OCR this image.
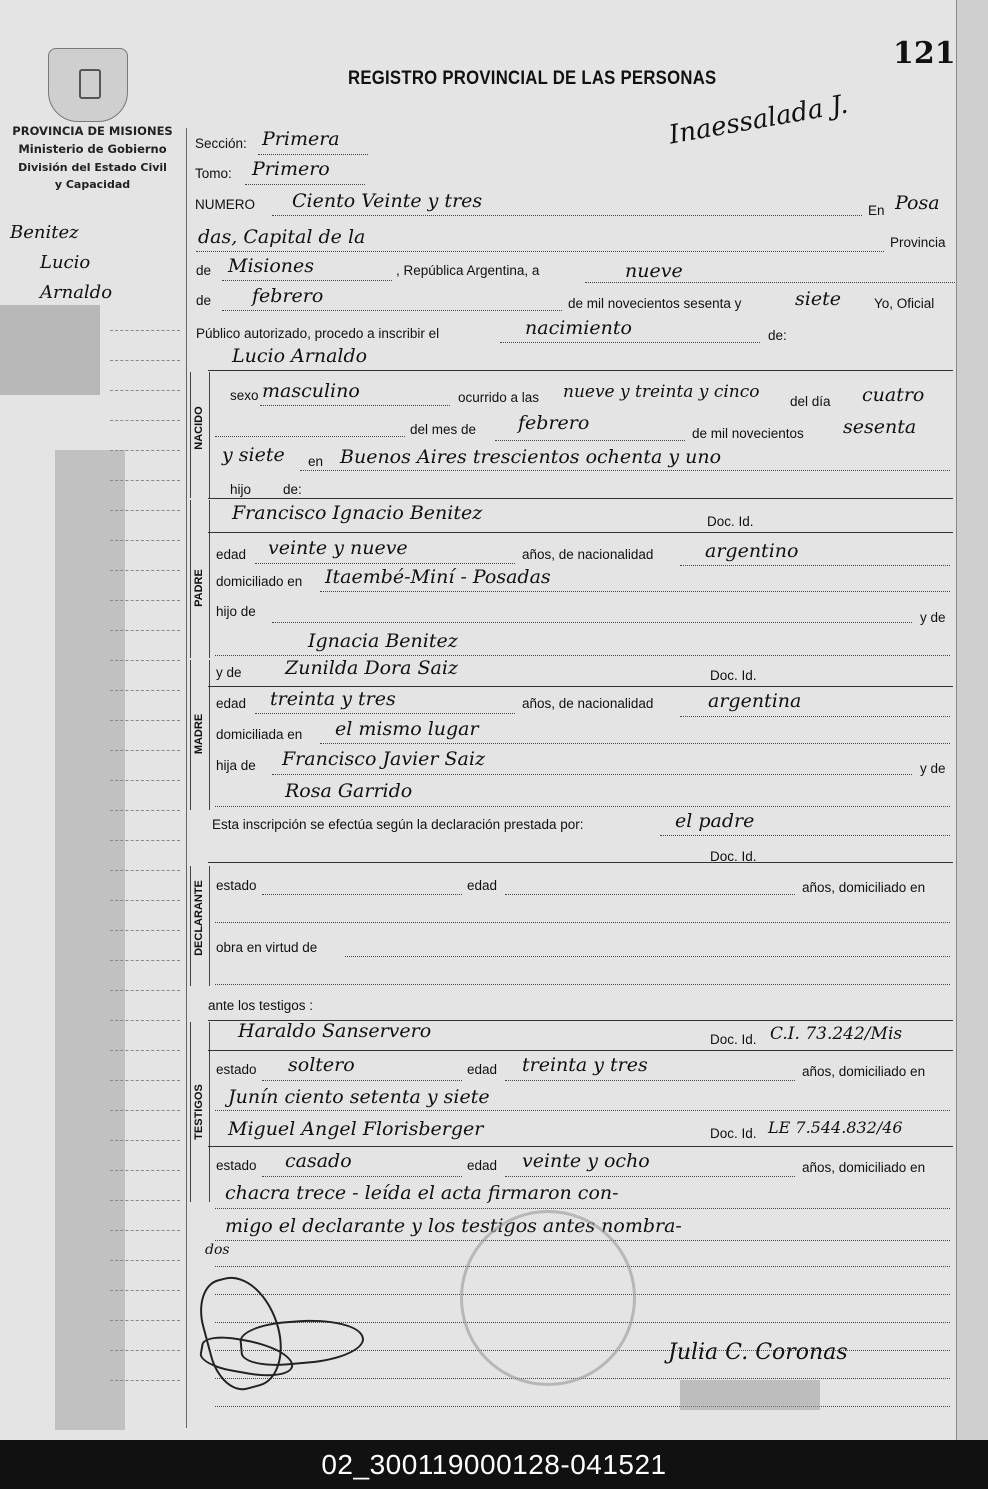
PROVINCIA DE MISIONES
Ministerio de Gobierno
División del Estado Civil
y Capacidad
Benitez
Lucio
Arnaldo
REGISTRO PROVINCIAL DE LAS PERSONAS
Inaessalada J.
Sección: Primera
Tomo: Primero
NUMERO Ciento Veinte y tres	En Posa
das, Capital de la	Provincia
de Misiones	, República Argentina, a	nueve
de febrero	de mil novecientos sesenta y	siete Yo, Oficial
Público autorizado, procedo a inscribir el	nacimiento	de:
Lucio Arnaldo
NACIDO
sexo masculino	ocurrido a las nueve y treinta y cinco del día cuatro
del mes de febrero	de mil novecientos sesenta
y siete en Buenos Aires trescientos ochenta y uno
hijo de:
PADRE
Francisco Ignacio Benitez	Doc. Id.
edad veinte y nueve	años, de nacionalidad	argentino
domiciliado en Itaembé-Miní - Posadas
hijo de	y de
Ignacia Benitez
MADRE
y de Zunilda Dora Saiz	Doc. Id.
edad treinta y tres	años, de nacionalidad	argentina
domiciliada en el mismo lugar
hija de Francisco Javier Saiz	y de
Rosa Garrido
Esta inscripción se efectúa según la declaración prestada por:	el padre
Doc. Id.
DECLARANTE estado	edad	años, domiciliado en
obra en virtud de
ante los testigos :
TESTIGOS
Haraldo Sanservero	Doc. Id. C.I. 73.242/Mis
estado soltero	edad treinta y tres	años, domiciliado en
Junín ciento setenta y siete
Miguel Angel Florisberger	Doc. Id. LE 7.544.832/46
estado casado	edad veinte y ocho	años, domiciliado en
chacra trece - leída el acta firmaron con-
migo el declarante y los testigos antes nombra-
dos
Julia C. Coronas
121
02_300119000128-041521
